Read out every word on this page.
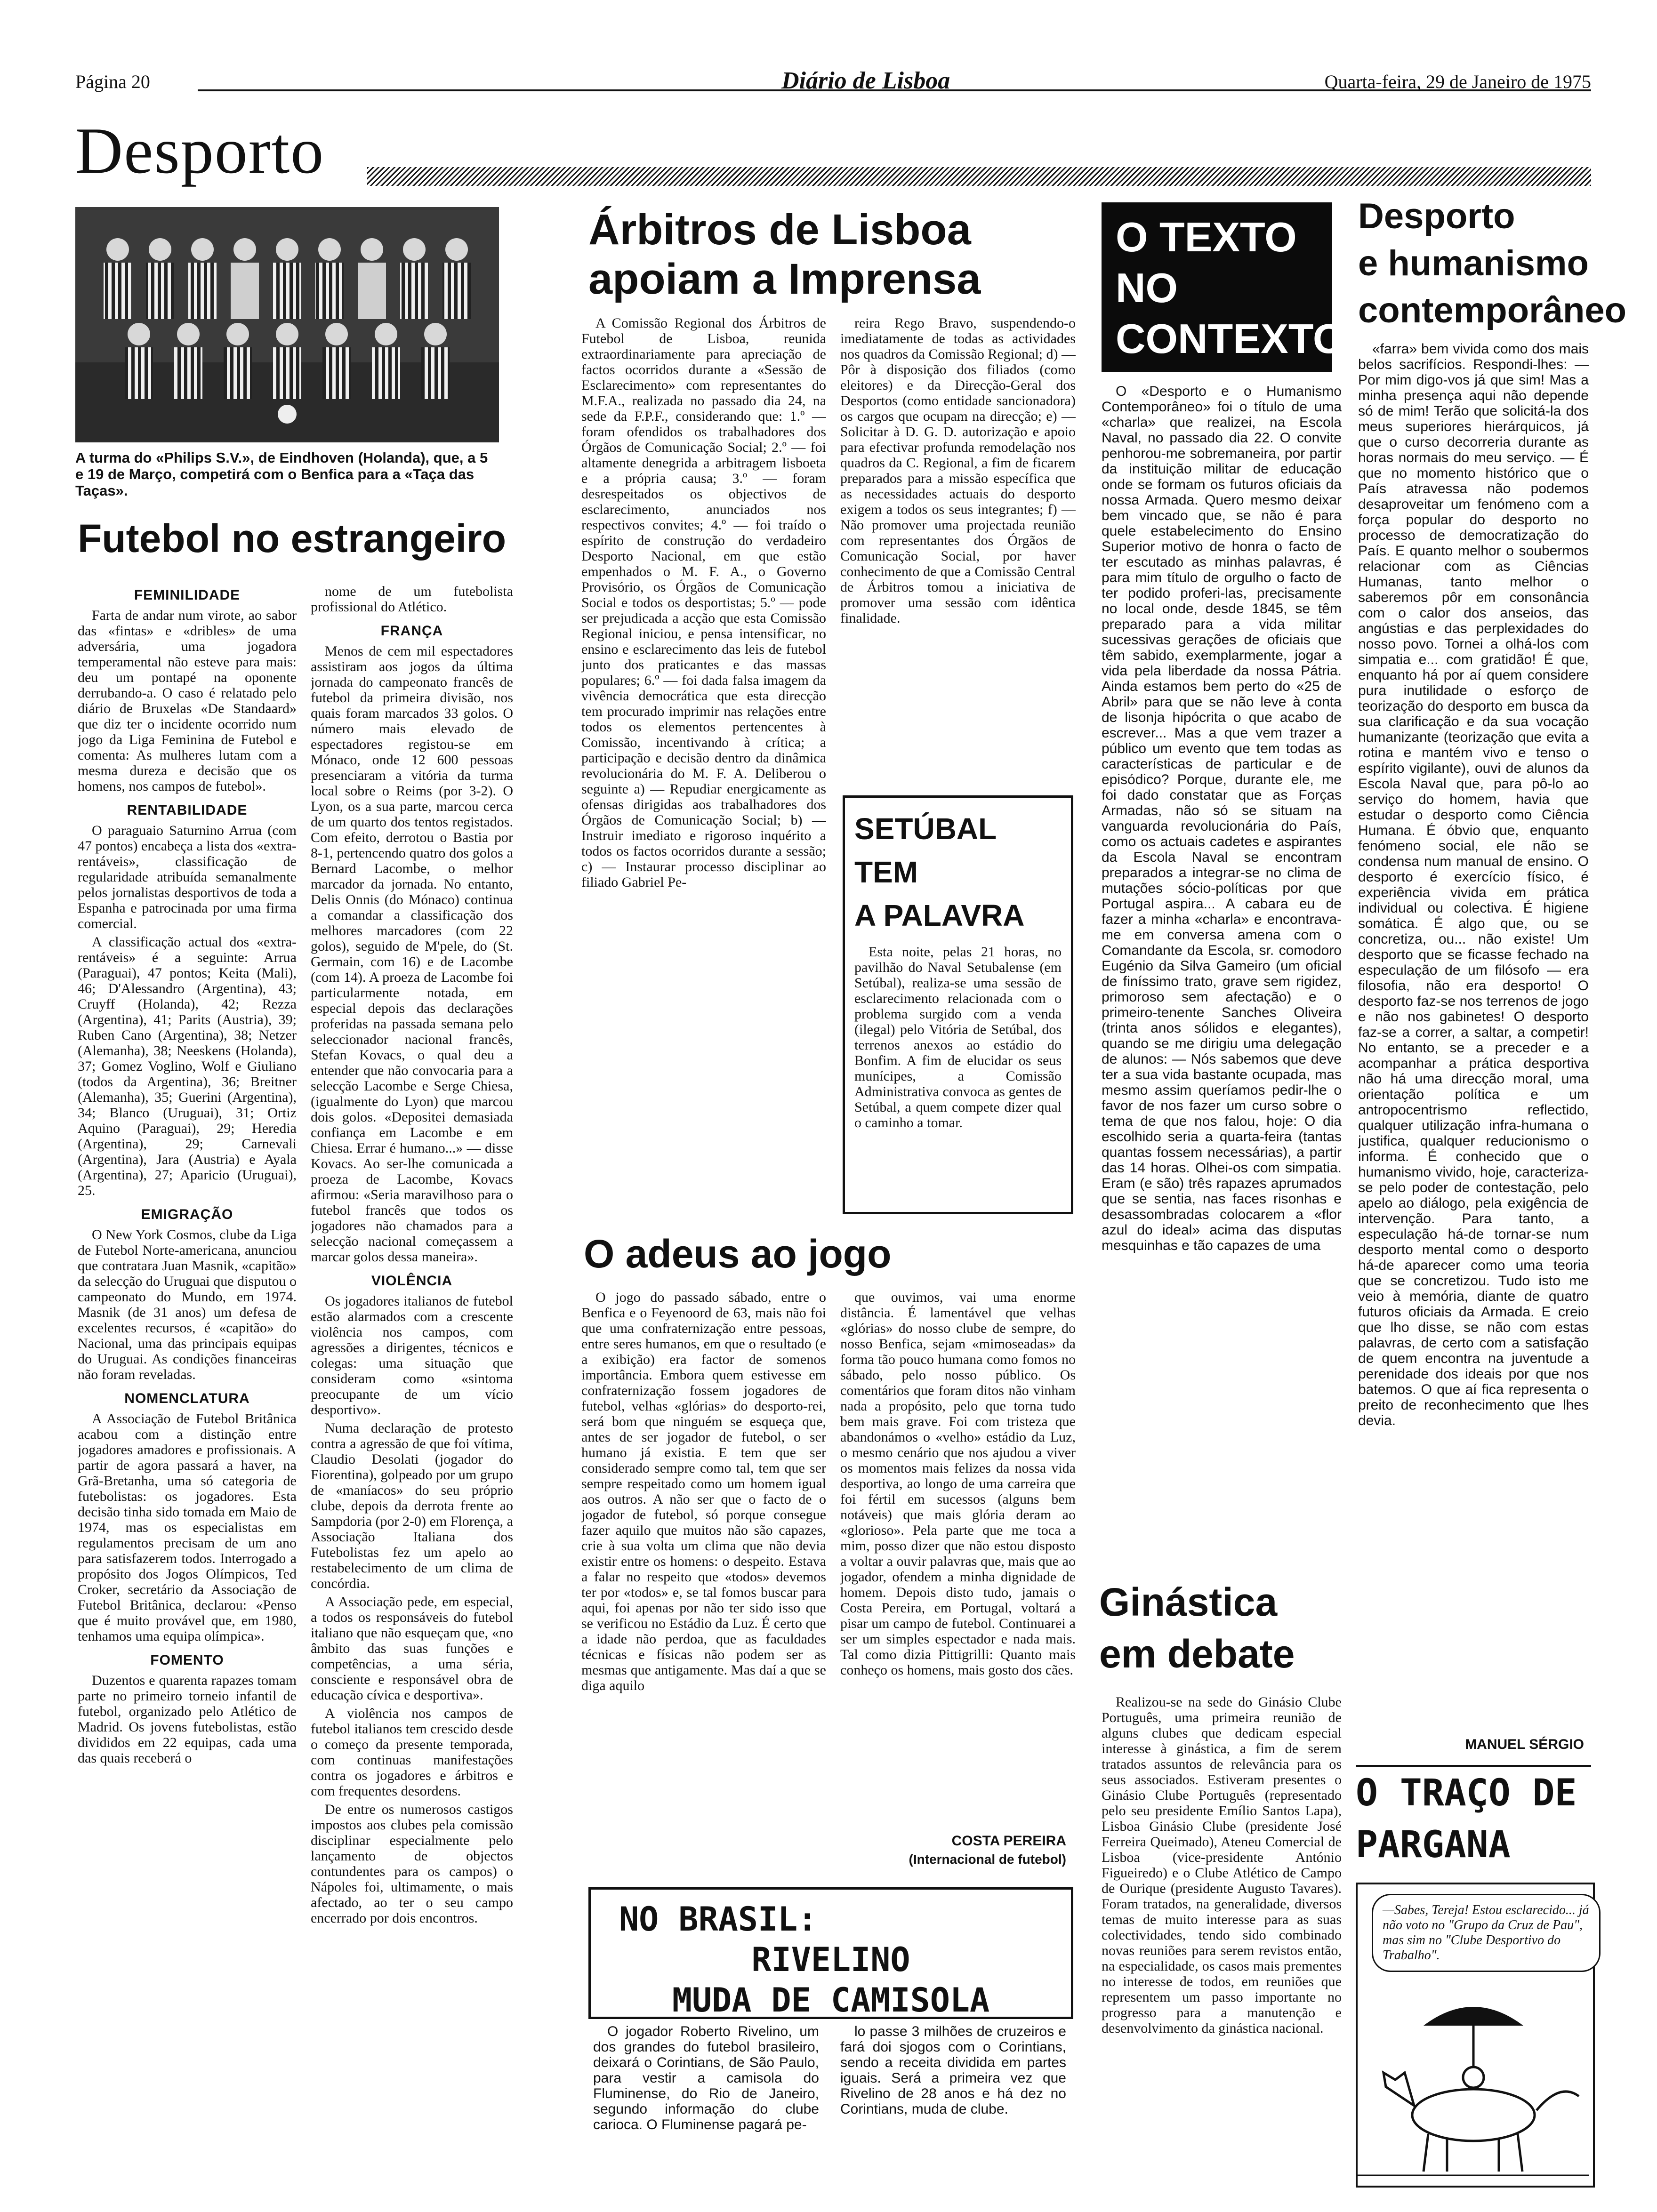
Página 20	Diário de Lisboa	Quarta-feira, 29 de Janeiro de 1975
Desporto
A turma do «Philips S.V.», de Eindhoven (Holanda), que, a 5 e 19 de Março, competirá com o Benfica para a «Taça das Taças».
Futebol no estrangeiro
FEMINILIDADE

Farta de andar num virote, ao sabor das «fintas» e «dribles» de uma adversária, uma jogadora temperamental não esteve para mais: deu um pontapé na oponente derrubando-a. O caso é relatado pelo diário de Bruxelas «De Standaard» que diz ter o incidente ocorrido num jogo da Liga Feminina de Futebol e comenta: As mulheres lutam com a mesma dureza e decisão que os homens, nos campos de futebol».

RENTABILIDADE

O paraguaio Saturnino Arrua (com 47 pontos) encabeça a lista dos «extra-rentáveis», classificação de regularidade atribuída semanalmente pelos jornalistas desportivos de toda a Espanha e patrocinada por uma firma comercial.

A classificação actual dos «extra-rentáveis» é a seguinte: Arrua (Paraguai), 47 pontos; Keita (Mali), 46; D'Alessandro (Argentina), 43; Cruyff (Holanda), 42; Rezza (Argentina), 41; Parits (Austria), 39; Ruben Cano (Argentina), 38; Netzer (Alemanha), 38; Neeskens (Holanda), 37; Gomez Voglino, Wolf e Giuliano (todos da Argentina), 36; Breitner (Alemanha), 35; Guerini (Argentina), 34; Blanco (Uruguai), 31; Ortiz Aquino (Paraguai), 29; Heredia (Argentina), 29; Carnevali (Argentina), Jara (Austria) e Ayala (Argentina), 27; Aparicio (Uruguai), 25.

EMIGRAÇÃO

O New York Cosmos, clube da Liga de Futebol Norte-americana, anunciou que contratara Juan Masnik, «capitão» da selecção do Uruguai que disputou o campeonato do Mundo, em 1974. Masnik (de 31 anos) um defesa de excelentes recursos, é «capitão» do Nacional, uma das principais equipas do Uruguai. As condições financeiras não foram reveladas.

NOMENCLATURA

A Associação de Futebol Britânica acabou com a distinção entre jogadores amadores e profissionais. A partir de agora passará a haver, na Grã-Bretanha, uma só categoria de futebolistas: os jogadores. Esta decisão tinha sido tomada em Maio de 1974, mas os especialistas em regulamentos precisam de um ano para satisfazerem todos. Interrogado a propósito dos Jogos Olímpicos, Ted Croker, secretário da Associação de Futebol Britânica, declarou: «Penso que é muito provável que, em 1980, tenhamos uma equipa olímpica».

FOMENTO

Duzentos e quarenta rapazes tomam parte no primeiro torneio infantil de futebol, organizado pelo Atlético de Madrid. Os jovens futebolistas, estão divididos em 22 equipas, cada uma das quais receberá o

nome de um futebolista profissional do Atlético.

FRANÇA

Menos de cem mil espectadores assistiram aos jogos da última jornada do campeonato francês de futebol da primeira divisão, nos quais foram marcados 33 golos. O número mais elevado de espectadores registou-se em Mónaco, onde 12 600 pessoas presenciaram a vitória da turma local sobre o Reims (por 3-2). O Lyon, os a sua parte, marcou cerca de um quarto dos tentos registados. Com efeito, derrotou o Bastia por 8-1, pertencendo quatro dos golos a Bernard Lacombe, o melhor marcador da jornada. No entanto, Delis Onnis (do Mónaco) continua a comandar a classificação dos melhores marcadores (com 22 golos), seguido de M'pele, do (St. Germain, com 16) e de Lacombe (com 14). A proeza de Lacombe foi particularmente notada, em especial depois das declarações proferidas na passada semana pelo seleccionador nacional francês, Stefan Kovacs, o qual deu a entender que não convocaria para a selecção Lacombe e Serge Chiesa, (igualmente do Lyon) que marcou dois golos. «Depositei demasiada confiança em Lacombe e em Chiesa. Errar é humano...» — disse Kovacs. Ao ser-lhe comunicada a proeza de Lacombe, Kovacs afirmou: «Seria maravilhoso para o futebol francês que todos os jogadores não chamados para a selecção nacional começassem a marcar golos dessa maneira».

VIOLÊNCIA

Os jogadores italianos de futebol estão alarmados com a crescente violência nos campos, com agressões a dirigentes, técnicos e colegas: uma situação que consideram como «sintoma preocupante de um vício desportivo».

Numa declaração de protesto contra a agressão de que foi vítima, Claudio Desolati (jogador do Fiorentina), golpeado por um grupo de «maníacos» do seu próprio clube, depois da derrota frente ao Sampdoria (por 2-0) em Florença, a Associação Italiana dos Futebolistas fez um apelo ao restabelecimento de um clima de concórdia.

A Associação pede, em especial, a todos os responsáveis do futebol italiano que não esqueçam que, «no âmbito das suas funções e competências, a uma séria, consciente e responsável obra de educação cívica e desportiva».

A violência nos campos de futebol italianos tem crescido desde o começo da presente temporada, com continuas manifestações contra os jogadores e árbitros e com frequentes desordens.

De entre os numerosos castigos impostos aos clubes pela comissão disciplinar especialmente pelo lançamento de objectos contundentes para os campos) o Nápoles foi, ultimamente, o mais afectado, ao ter o seu campo encerrado por dois encontros.

Árbitros de Lisboa
apoiam a Imprensa

A Comissão Regional dos Árbitros de Futebol de Lisboa, reunida extraordinariamente para apreciação de factos ocorridos durante a «Sessão de Esclarecimento» com representantes do M.F.A., realizada no passado dia 24, na sede da F.P.F., considerando que: 1.º — foram ofendidos os trabalhadores dos Órgãos de Comunicação Social; 2.º — foi altamente denegrida a arbitragem lisboeta e a própria causa; 3.º — foram desrespeitados os objectivos de esclarecimento, anunciados nos respectivos convites; 4.º — foi traído o espírito de construção do verdadeiro Desporto Nacional, em que estão empenhados o M. F. A., o Governo Provisório, os Órgãos de Comunicação Social e todos os desportistas; 5.º — pode ser prejudicada a acção que esta Comissão Regional iniciou, e pensa intensificar, no ensino e esclarecimento das leis de futebol junto dos praticantes e das massas populares; 6.º — foi dada falsa imagem da vivência democrática que esta direcção tem procurado imprimir nas relações entre todos os elementos pertencentes à Comissão, incentivando à crítica; a participação e decisão dentro da dinâmica revolucionária do M. F. A. Deliberou o seguinte a) — Repudiar energicamente as ofensas dirigidas aos trabalhadores dos Órgãos de Comunicação Social; b) — Instruir imediato e rigoroso inquérito a todos os factos ocorridos durante a sessão; c) — Instaurar processo disciplinar ao filiado Gabriel Pe-

reira Rego Bravo, suspendendo-o imediatamente de todas as actividades nos quadros da Comissão Regional; d) — Pôr à disposição dos filiados (como eleitores) e da Direcção-Geral dos Desportos (como entidade sancionadora) os cargos que ocupam na direcção; e) — Solicitar à D. G. D. autorização e apoio para efectivar profunda remodelação nos quadros da C. Regional, a fim de ficarem preparados para a missão específica que as necessidades actuais do desporto exigem a todos os seus integrantes; f) — Não promover uma projectada reunião com representantes dos Órgãos de Comunicação Social, por haver conhecimento de que a Comissão Central de Árbitros tomou a iniciativa de promover uma sessão com idêntica finalidade.

SETÚBAL
TEM
A PALAVRA

Esta noite, pelas 21 horas, no pavilhão do Naval Setubalense (em Setúbal), realiza-se uma sessão de esclarecimento relacionada com o problema surgido com a venda (ilegal) pelo Vitória de Setúbal, dos terrenos anexos ao estádio do Bonfim. A fim de elucidar os seus munícipes, a Comissão Administrativa convoca as gentes de Setúbal, a quem compete dizer qual o caminho a tomar.

O adeus ao jogo

O jogo do passado sábado, entre o Benfica e o Feyenoord de 63, mais não foi que uma confraternização entre pessoas, entre seres humanos, em que o resultado (e a exibição) era factor de somenos importância. Embora quem estivesse em confraternização fossem jogadores de futebol, velhas «glórias» do desporto-rei, será bom que ninguém se esqueça que, antes de ser jogador de futebol, o ser humano já existia. E tem que ser considerado sempre como tal, tem que ser sempre respeitado como um homem igual aos outros. A não ser que o facto de o jogador de futebol, só porque consegue fazer aquilo que muitos não são capazes, crie à sua volta um clima que não devia existir entre os homens: o despeito. Estava a falar no respeito que «todos» devemos ter por «todos» e, se tal fomos buscar para aqui, foi apenas por não ter sido isso que se verificou no Estádio da Luz. É certo que a idade não perdoa, que as faculdades técnicas e físicas não podem ser as mesmas que antigamente. Mas daí a que se diga aquilo

que ouvimos, vai uma enorme distância. É lamentável que velhas «glórias» do nosso clube de sempre, do nosso Benfica, sejam «mimoseadas» da forma tão pouco humana como fomos no sábado, pelo nosso público. Os comentários que foram ditos não vinham nada a propósito, pelo que torna tudo bem mais grave. Foi com tristeza que abandonámos o «velho» estádio da Luz, o mesmo cenário que nos ajudou a viver os momentos mais felizes da nossa vida desportiva, ao longo de uma carreira que foi fértil em sucessos (alguns bem notáveis) que mais glória deram ao «glorioso». Pela parte que me toca a mim, posso dizer que não estou disposto a voltar a ouvir palavras que, mais que ao jogador, ofendem a minha dignidade de homem. Depois disto tudo, jamais o Costa Pereira, em Portugal, voltará a pisar um campo de futebol. Continuarei a ser um simples espectador e nada mais. Tal como dizia Pittigrilli: Quanto mais conheço os homens, mais gosto dos cães.

COSTA PEREIRA
(Internacional de futebol)
NO BRASIL:
RIVELINO
MUDA DE CAMISOLA

O jogador Roberto Rivelino, um dos grandes do futebol brasileiro, deixará o Corintians, de São Paulo, para vestir a camisola do Fluminense, do Rio de Janeiro, segundo informação do clube carioca. O Fluminense pagará pe-

lo passe 3 milhões de cruzeiros e fará doi sjogos com o Corintians, sendo a receita dividida em partes iguais. Será a primeira vez que Rivelino de 28 anos e há dez no Corintians, muda de clube.

O TEXTO
NO
CONTEXTO

O «Desporto e o Humanismo Contemporâneo» foi o título de uma «charla» que realizei, na Escola Naval, no passado dia 22. O convite penhorou-me sobremaneira, por partir da instituição militar de educação onde se formam os futuros oficiais da nossa Armada. Quero mesmo deixar bem vincado que, se não é para quele estabelecimento do Ensino Superior motivo de honra o facto de ter escutado as minhas palavras, é para mim título de orgulho o facto de ter podido proferi-las, precisamente no local onde, desde 1845, se têm preparado para a vida militar sucessivas gerações de oficiais que têm sabido, exemplarmente, jogar a vida pela liberdade da nossa Pátria. Ainda estamos bem perto do «25 de Abril» para que se não leve à conta de lisonja hipócrita o que acabo de escrever... Mas a que vem trazer a público um evento que tem todas as características de particular e de episódico? Porque, durante ele, me foi dado constatar que as Forças Armadas, não só se situam na vanguarda revolucionária do País, como os actuais cadetes e aspirantes da Escola Naval se encontram preparados a integrar-se no clima de mutações sócio-políticas por que Portugal aspira... A cabara eu de fazer a minha «charla» e encontrava-me em conversa amena com o Comandante da Escola, sr. comodoro Eugénio da Silva Gameiro (um oficial de finíssimo trato, grave sem rigidez, primoroso sem afectação) e o primeiro-tenente Sanches Oliveira (trinta anos sólidos e elegantes), quando se me dirigiu uma delegação de alunos: — Nós sabemos que deve ter a sua vida bastante ocupada, mas mesmo assim queríamos pedir-lhe o favor de nos fazer um curso sobre o tema de que nos falou, hoje: O dia escolhido seria a quarta-feira (tantas quantas fossem necessárias), a partir das 14 horas. Olhei-os com simpatia. Eram (e são) três rapazes aprumados que se sentia, nas faces risonhas e desassombradas colocarem a «flor azul do ideal» acima das disputas mesquinhas e tão capazes de uma

Ginástica
em debate

Realizou-se na sede do Ginásio Clube Português, uma primeira reunião de alguns clubes que dedicam especial interesse à ginástica, a fim de serem tratados assuntos de relevância para os seus associados. Estiveram presentes o Ginásio Clube Português (representado pelo seu presidente Emílio Santos Lapa), Lisboa Ginásio Clube (presidente José Ferreira Queimado), Ateneu Comercial de Lisboa (vice-presidente António Figueiredo) e o Clube Atlético de Campo de Ourique (presidente Augusto Tavares). Foram tratados, na generalidade, diversos temas de muito interesse para as suas colectividades, tendo sido combinado novas reuniões para serem revistos então, na especialidade, os casos mais prementes no interesse de todos, em reuniões que representem um passo importante no progresso para a manutenção e desenvolvimento da ginástica nacional.

Desporto
e humanismo
contemporâneo

«farra» bem vivida como dos mais belos sacrifícios. Respondi-lhes: — Por mim digo-vos já que sim! Mas a minha presença aqui não depende só de mim! Terão que solicitá-la dos meus superiores hierárquicos, já que o curso decorreria durante as horas normais do meu serviço. — É que no momento histórico que o País atravessa não podemos desaproveitar um fenómeno com a força popular do desporto no processo de democratização do País. E quanto melhor o soubermos relacionar com as Ciências Humanas, tanto melhor o saberemos pôr em consonância com o calor dos anseios, das angústias e das perplexidades do nosso povo. Tornei a olhá-los com simpatia e... com gratidão! É que, enquanto há por aí quem considere pura inutilidade o esforço de teorização do desporto em busca da sua clarificação e da sua vocação humanizante (teorização que evita a rotina e mantém vivo e tenso o espírito vigilante), ouvi de alunos da Escola Naval que, para pô-lo ao serviço do homem, havia que estudar o desporto como Ciência Humana. É óbvio que, enquanto fenómeno social, ele não se condensa num manual de ensino. O desporto é exercício físico, é experiência vivida em prática individual ou colectiva. É higiene somática. É algo que, ou se concretiza, ou... não existe! Um desporto que se ficasse fechado na especulação de um filósofo — era filosofia, não era desporto! O desporto faz-se nos terrenos de jogo e não nos gabinetes! O desporto faz-se a correr, a saltar, a competir! No entanto, se a preceder e a acompanhar a prática desportiva não há uma direcção moral, uma orientação política e um antropocentrismo reflectido, qualquer utilização infra-humana o justifica, qualquer reducionismo o informa. É conhecido que o humanismo vivido, hoje, caracteriza-se pelo poder de contestação, pelo apelo ao diálogo, pela exigência de intervenção. Para tanto, a especulação há-de tornar-se num desporto mental como o desporto há-de aparecer como uma teoria que se concretizou. Tudo isto me veio à memória, diante de quatro futuros oficiais da Armada. E creio que lho disse, se não com estas palavras, de certo com a satisfação de quem encontra na juventude a perenidade dos ideais por que nos batemos. O que aí fica representa o preito de reconhecimento que lhes devia.

MANUEL SÉRGIO
O TRAÇO DE
PARGANA
—Sabes, Tereja! Estou esclarecido... já não voto no "Grupo da Cruz de Pau", mas sim no "Clube Desportivo do Trabalho".
